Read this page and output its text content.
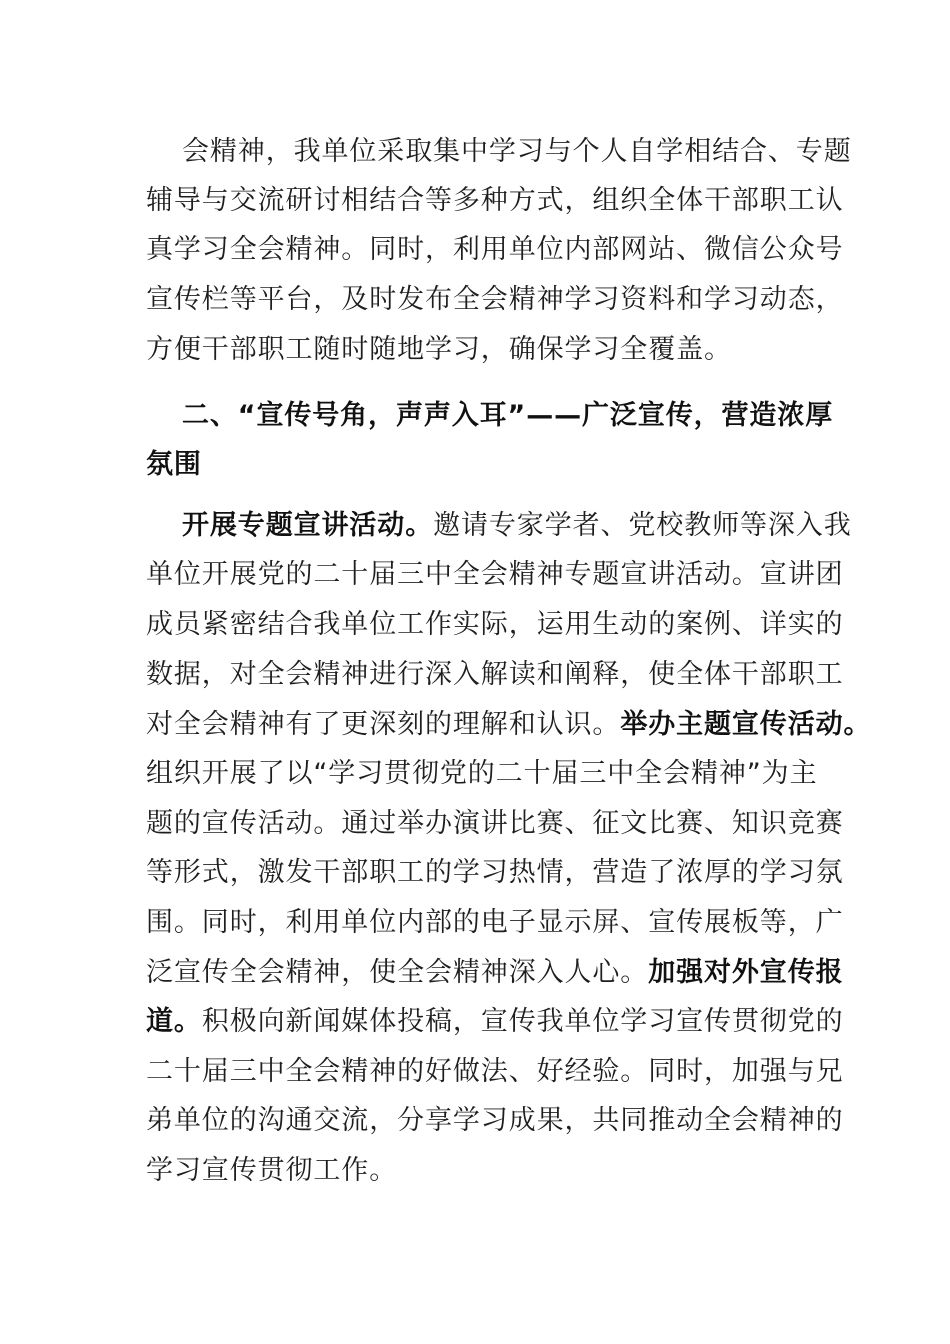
会精神，我单位采取集中学习与个人自学相结合、专题
辅导与交流研讨相结合等多种方式，组织全体干部职工认
真学习全会精神。同时，利用单位内部网站、微信公众号
宣传栏等平台，及时发布全会精神学习资料和学习动态，
方便干部职工随时随地学习，确保学习全覆盖。
二、“宣传号角，声声入耳”——广泛宣传，营造浓厚
氛围
开展专题宣讲活动。邀请专家学者、党校教师等深入我
单位开展党的二十届三中全会精神专题宣讲活动。宣讲团
成员紧密结合我单位工作实际，运用生动的案例、详实的
数据，对全会精神进行深入解读和阐释，使全体干部职工
对全会精神有了更深刻的理解和认识。举办主题宣传活动。
组织开展了以“学习贯彻党的二十届三中全会精神”为主
题的宣传活动。通过举办演讲比赛、征文比赛、知识竞赛
等形式，激发干部职工的学习热情，营造了浓厚的学习氛
围。同时，利用单位内部的电子显示屏、宣传展板等，广
泛宣传全会精神，使全会精神深入人心。加强对外宣传报
道。积极向新闻媒体投稿，宣传我单位学习宣传贯彻党的
二十届三中全会精神的好做法、好经验。同时，加强与兄
弟单位的沟通交流，分享学习成果，共同推动全会精神的
学习宣传贯彻工作。
